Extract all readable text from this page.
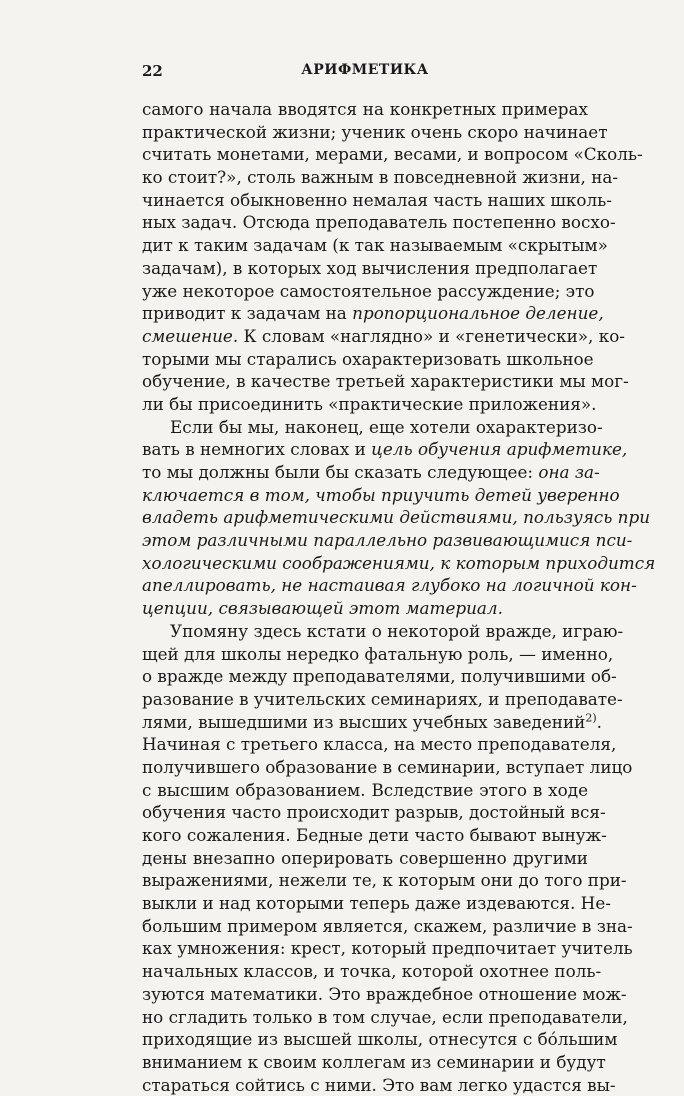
22	АРИФМЕТИКА
самого начала вводятся на конкретных примерах
практической жизни; ученик очень скоро начинает
считать монетами, мерами, весами, и вопросом «Сколь-
ко стоит?», столь важным в повседневной жизни, на-
чинается обыкновенно немалая часть наших школь-
ных задач. Отсюда преподаватель постепенно восхо-
дит к таким задачам (к так называемым «скрытым»
задачам), в которых ход вычисления предполагает
уже некоторое самостоятельное рассуждение; это
приводит к задачам на пропорциональное деление,
смешение. К словам «наглядно» и «генетически», ко-
торыми мы старались охарактеризовать школьное
обучение, в качестве третьей характеристики мы мог-
ли бы присоединить «практические приложения».
Если бы мы, наконец, еще хотели охарактеризо-
вать в немногих словах и цель обучения арифметике,
то мы должны были бы сказать следующее: она за-
ключается в том, чтобы приучить детей уверенно
владеть арифметическими действиями, пользуясь при
этом различными параллельно развивающимися пси-
хологическими соображениями, к которым приходится
апеллировать, не настаивая глубоко на логичной кон-
цепции, связывающей этот материал.
Упомяну здесь кстати о некоторой вражде, играю-
щей для школы нередко фатальную роль, — именно,
о вражде между преподавателями, получившими об-
разование в учительских семинариях, и преподавате-
лями, вышедшими из высших учебных заведений$^{2)}$.
Начиная с третьего класса, на место преподавателя,
получившего образование в семинарии, вступает лицо
с высшим образованием. Вследствие этого в ходе
обучения часто происходит разрыв, достойный вся-
кого сожаления. Бедные дети часто бывают вынуж-
дены внезапно оперировать совершенно другими
выражениями, нежели те, к которым они до того при-
выкли и над которыми теперь даже издеваются. Не-
большим примером является, скажем, различие в зна-
ках умножения: крест, который предпочитает учитель
начальных классов, и точка, которой охотнее поль-
зуются математики. Это враждебное отношение мож-
но сгладить только в том случае, если преподаватели,
приходящие из высшей школы, отнесутся с бо́льшим
вниманием к своим коллегам из семинарии и будут
стараться сойтись с ними. Это вам легко удастся вы-
